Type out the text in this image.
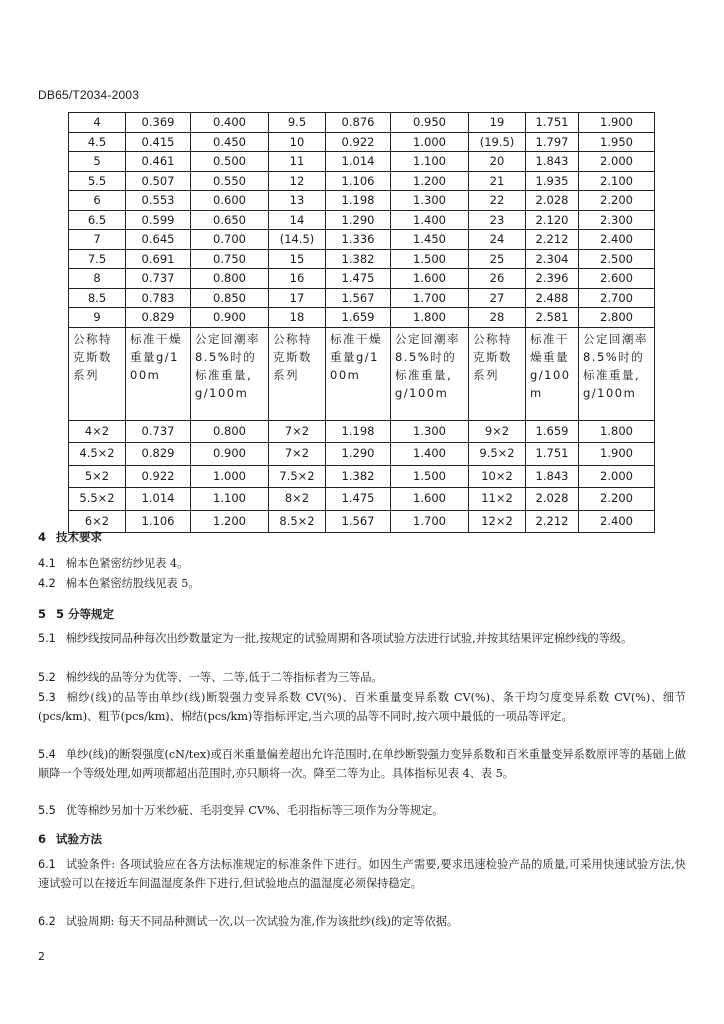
DB65/T2034-2003
4	0.369	0.400	9.5	0.876	0.950	19	1.751	1.900
4.5	0.415	0.450	10	0.922	1.000	(19.5)	1.797	1.950
5	0.461	0.500	11	1.014	1.100	20	1.843	2.000
5.5	0.507	0.550	12	1.106	1.200	21	1.935	2.100
6	0.553	0.600	13	1.198	1.300	22	2.028	2.200
6.5	0.599	0.650	14	1.290	1.400	23	2.120	2.300
7	0.645	0.700	(14.5)	1.336	1.450	24	2.212	2.400
7.5	0.691	0.750	15	1.382	1.500	25	2.304	2.500
8	0.737	0.800	16	1.475	1.600	26	2.396	2.600
8.5	0.783	0.850	17	1.567	1.700	27	2.488	2.700
9	0.829	0.900	18	1.659	1.800	28	2.581	2.800
公称特克斯数系列	标准干燥重量g/100m	公定回潮率 8.5%时的标准重量,g/100m	公称特克斯数系列	标准干燥重量g/100m	公定回潮率 8.5%时的标准重量,g/100m	公称特克斯数系列	标准干燥重量g/100m	公定回潮率 8.5%时的标准重量,g/100m
4×2	0.737	0.800	7×2	1.198	1.300	9×2	1.659	1.800
4.5×2	0.829	0.900	7×2	1.290	1.400	9.5×2	1.751	1.900
5×2	0.922	1.000	7.5×2	1.382	1.500	10×2	1.843	2.000
5.5×2	1.014	1.100	8×2	1.475	1.600	11×2	2.028	2.200
6×2	1.106	1.200	8.5×2	1.567	1.700	12×2	2.212	2.400
4 技术要求
4.1 棉本色紧密纺纱见表 4。
4.2 棉本色紧密纺股线见表 5。
5 5 分等规定
5.1 棉纱线按同品种每次出纱数量定为一批,按规定的试验周期和各项试验方法进行试验,并按其结果评定棉纱线的等级。
5.2 棉纱线的品等分为优等、一等、二等,低于二等指标者为三等品。
5.3 棉纱(线)的品等由单纱(线)断裂强力变异系数 CV(%)、百米重量变异系数 CV(%)、条干均匀度变异系数 CV(%)、细节(pcs/km)、粗节(pcs/km)、棉结(pcs/km)等指标评定,当六项的品等不同时,按六项中最低的一项品等评定。
5.4 单纱(线)的断裂强度(cN/tex)或百米重量偏差超出允许范围时,在单纱断裂强力变异系数和百米重量变异系数原评等的基础上做顺降一个等级处理,如两项都超出范围时,亦只顺将一次。降至二等为止。具体指标见表 4、表 5。
5.5 优等棉纱另加十万米纱疵、毛羽变异 CV%、毛羽指标等三项作为分等规定。
6 试验方法
6.1 试验条件: 各项试验应在各方法标准规定的标准条件下进行。如因生产需要,要求迅速检验产品的质量,可采用快速试验方法,快速试验可以在接近车间温湿度条件下进行,但试验地点的温湿度必须保持稳定。
6.2 试验周期: 每天不同品种测试一次,以一次试验为准,作为该批纱(线)的定等依据。
2
